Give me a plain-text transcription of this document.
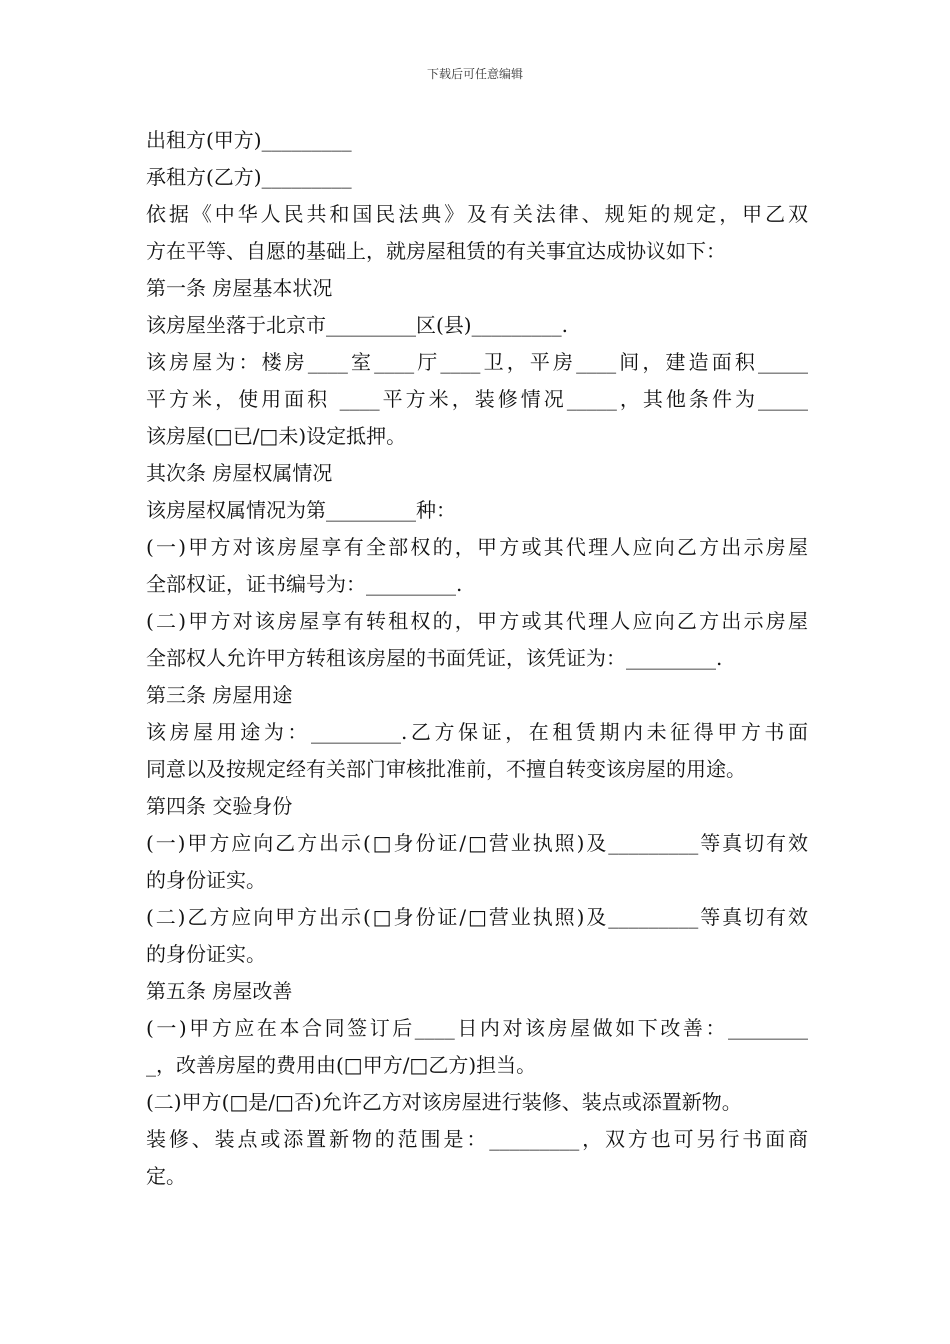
下载后可任意编辑
出租方(甲方)_________
承租方(乙方)_________
依据《中华人民共和国民法典》及有关法律、规矩的规定，甲乙双
方在平等、自愿的基础上，就房屋租赁的有关事宜达成协议如下：
第一条 房屋基本状况
该房屋坐落于北京市_________区(县)_________.
该房屋为：楼房____室____厅____卫，平房____间，建造面积_____
平方米，使用面积 ____平方米，装修情况_____，其他条件为_____
该房屋(□已/□未)设定抵押。
其次条 房屋权属情况
该房屋权属情况为第_________种：
(一)甲方对该房屋享有全部权的，甲方或其代理人应向乙方出示房屋
全部权证，证书编号为：_________.
(二)甲方对该房屋享有转租权的，甲方或其代理人应向乙方出示房屋
全部权人允许甲方转租该房屋的书面凭证，该凭证为：_________.
第三条 房屋用途
该房屋用途为：_________.乙方保证，在租赁期内未征得甲方书面
同意以及按规定经有关部门审核批准前，不擅自转变该房屋的用途。
第四条 交验身份
(一)甲方应向乙方出示(□身份证/□营业执照)及_________等真切有效
的身份证实。
(二)乙方应向甲方出示(□身份证/□营业执照)及_________等真切有效
的身份证实。
第五条 房屋改善
(一)甲方应在本合同签订后____日内对该房屋做如下改善：________
_，改善房屋的费用由(□甲方/□乙方)担当。
(二)甲方(□是/□否)允许乙方对该房屋进行装修、装点或添置新物。
装修、装点或添置新物的范围是：_________，双方也可另行书面商
定。
